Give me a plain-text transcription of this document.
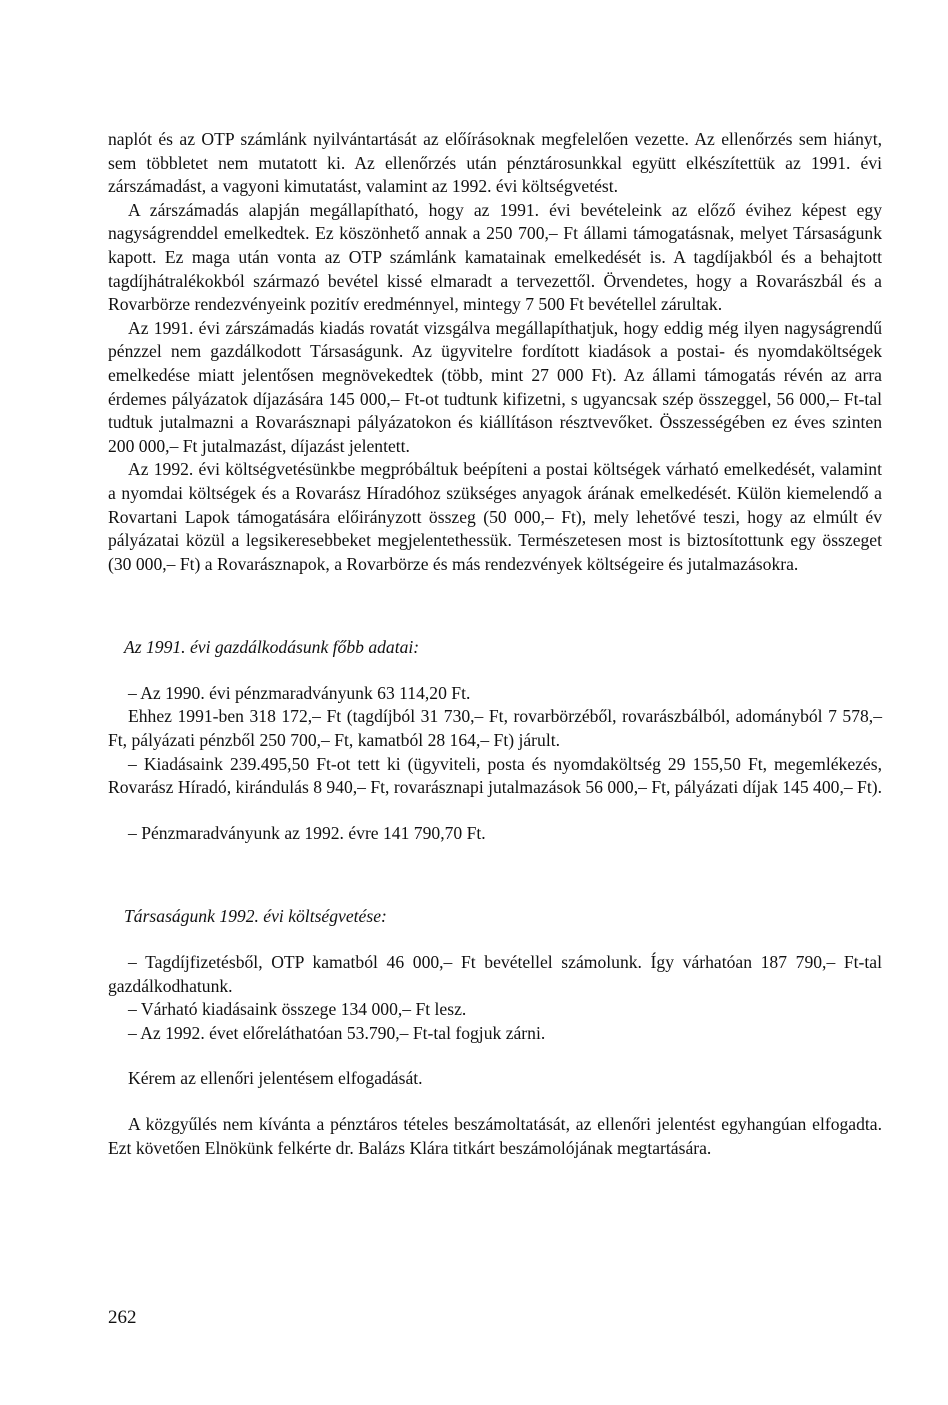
naplót és az OTP számlánk nyilvántartását az előírásoknak megfelelően vezette. Az ellenőrzés sem hiányt, sem többletet nem mutatott ki. Az ellenőrzés után pénztárosunkkal együtt elkészítettük az 1991. évi zárszámadást, a vagyoni kimutatást, valamint az 1992. évi költségvetést.

A zárszámadás alapján megállapítható, hogy az 1991. évi bevételeink az előző évihez képest egy nagyságrenddel emelkedtek. Ez köszönhető annak a 250 700,– Ft állami támogatásnak, melyet Társaságunk kapott. Ez maga után vonta az OTP számlánk kamatainak emelkedését is. A tagdíjakból és a behajtott tagdíjhátralékokból származó bevétel kissé elmaradt a tervezettől. Örvendetes, hogy a Rovarászbál és a Rovarbörze rendezvényeink pozitív eredménnyel, mintegy 7 500 Ft bevétellel zárultak.

Az 1991. évi zárszámadás kiadás rovatát vizsgálva megállapíthatjuk, hogy eddig még ilyen nagyságrendű pénzzel nem gazdálkodott Társaságunk. Az ügyvitelre fordított kiadások a postai- és nyomdaköltségek emelkedése miatt jelentősen megnövekedtek (több, mint 27 000 Ft). Az állami támogatás révén az arra érdemes pályázatok díjazására 145 000,– Ft-ot tudtunk kifizetni, s ugyancsak szép összeggel, 56 000,– Ft-tal tudtuk jutalmazni a Rovarásznapi pályázatokon és kiállításon résztvevőket. Összességében ez éves szinten 200 000,– Ft jutalmazást, díjazást jelentett.

Az 1992. évi költségvetésünkbe megpróbáltuk beépíteni a postai költségek várható emelkedését, valamint a nyomdai költségek és a Rovarász Híradóhoz szükséges anyagok árának emelkedését. Külön kiemelendő a Rovartani Lapok támogatására előirányzott összeg (50 000,– Ft), mely lehetővé teszi, hogy az elmúlt év pályázatai közül a legsikeresebbeket megjelentethessük. Természetesen most is biztosítottunk egy összeget (30 000,– Ft) a Rovarásznapok, a Rovarbörze és más rendezvények költségeire és jutalmazásokra.

Az 1991. évi gazdálkodásunk főbb adatai:

– Az 1990. évi pénzmaradványunk 63 114,20 Ft.

Ehhez 1991-ben 318 172,– Ft (tagdíjból 31 730,– Ft, rovarbörzéből, rovarászbálból, adományból 7 578,– Ft, pályázati pénzből 250 700,– Ft, kamatból 28 164,– Ft) járult.

– Kiadásaink 239.495,50 Ft-ot tett ki (ügyviteli, posta és nyomdaköltség 29 155,50 Ft, megemlékezés, Rovarász Híradó, kirándulás 8 940,– Ft, rovarásznapi jutalmazások 56 000,– Ft, pályázati díjak 145 400,– Ft).

– Pénzmaradványunk az 1992. évre 141 790,70 Ft.

Társaságunk 1992. évi költségvetése:

– Tagdíjfizetésből, OTP kamatból 46 000,– Ft bevétellel számolunk. Így várhatóan 187 790,– Ft-tal gazdálkodhatunk.

– Várható kiadásaink összege 134 000,– Ft lesz.

– Az 1992. évet előreláthatóan 53.790,– Ft-tal fogjuk zárni.

Kérem az ellenőri jelentésem elfogadását.

A közgyűlés nem kívánta a pénztáros tételes beszámoltatását, az ellenőri jelentést egyhangúan elfogadta. Ezt követően Elnökünk felkérte dr. Balázs Klára titkárt beszámolójának megtartására.

262
